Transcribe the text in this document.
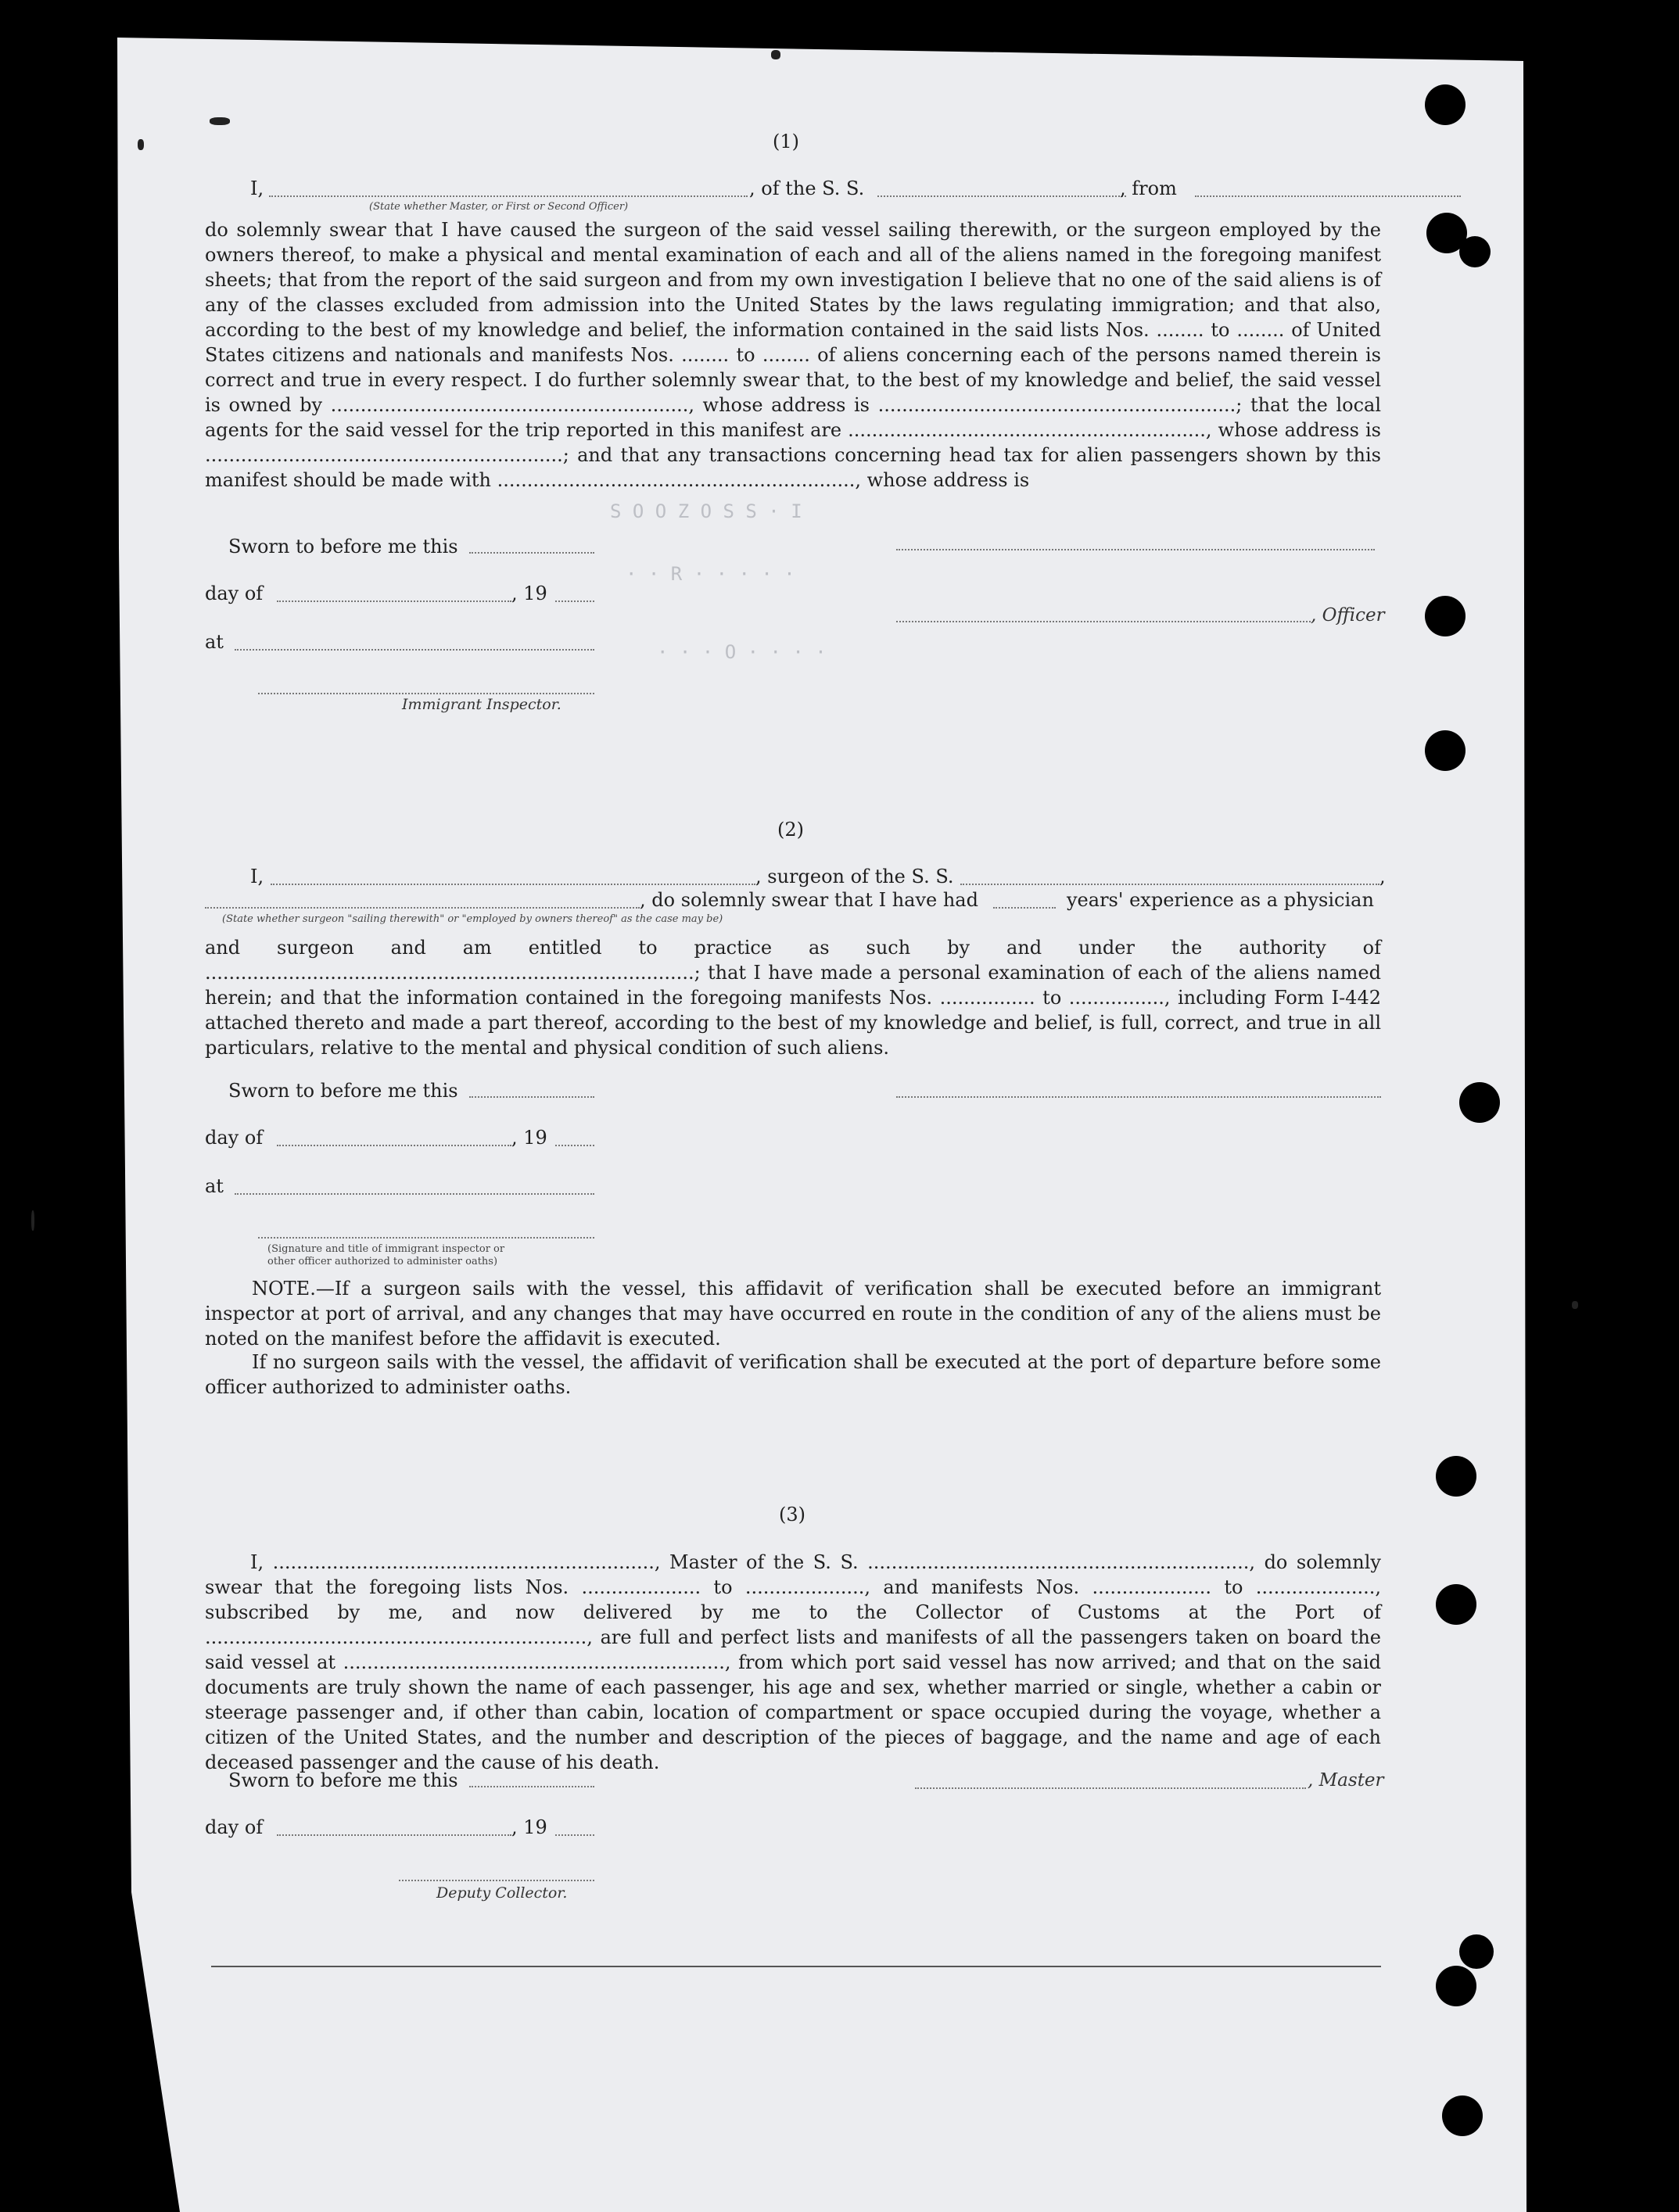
S O O Z O S S · I
· · R · · · · ·
· · · O · · · ·
(1)
I,	, of the S. S.	, from
(State whether Master, or First or Second Officer)
do solemnly swear that I have caused the surgeon of the said vessel sailing therewith, or the surgeon employed by the owners thereof, to make a physical and mental examination of each and all of the aliens named in the foregoing manifest sheets; that from the report of the said surgeon and from my own investigation I believe that no one of the said aliens is of any of the classes excluded from admission into the United States by the laws regulating immigration; and that also, according to the best of my knowledge and belief, the information contained in the said lists Nos. ........ to ........ of United States citizens and nationals and manifests Nos. ........ to ........ of aliens concerning each of the persons named therein is correct and true in every respect. I do further solemnly swear that, to the best of my knowledge and belief, the said vessel is owned by ............................................................, whose address is ............................................................; that the local agents for the said vessel for the trip reported in this manifest are ............................................................, whose address is ............................................................; and that any transactions concerning head tax for alien passengers shown by this manifest should be made with ............................................................, whose address is
Sworn to before me this
day of	, 19
, Officer
at
Immigrant Inspector.
(2)
I,	, surgeon of the S. S.	,
, do solemnly swear that I have had	years' experience as a physician
(State whether surgeon "sailing therewith" or "employed by owners thereof" as the case may be)
and surgeon and am entitled to practice as such by and under the authority of ..................................................................................; that I have made a personal examination of each of the aliens named herein; and that the information contained in the foregoing manifests Nos. ................ to ................, including Form I-442 attached thereto and made a part thereof, according to the best of my knowledge and belief, is full, correct, and true in all particulars, relative to the mental and physical condition of such aliens.
Sworn to before me this
day of	, 19
at
(Signature and title of immigrant inspector or
other officer authorized to administer oaths)
NOTE.—If a surgeon sails with the vessel, this affidavit of verification shall be executed before an immigrant inspector at port of arrival, and any changes that may have occurred en route in the condition of any of the aliens must be noted on the manifest before the affidavit is executed.
If no surgeon sails with the vessel, the affidavit of verification shall be executed at the port of departure before some officer authorized to administer oaths.
(3)
I, ................................................................, Master of the S. S. ................................................................, do solemnly swear that the foregoing lists Nos. .................... to ...................., and manifests Nos. .................... to ...................., subscribed by me, and now delivered by me to the Collector of Customs at the Port of ................................................................, are full and perfect lists and manifests of all the passengers taken on board the said vessel at ................................................................, from which port said vessel has now arrived; and that on the said documents are truly shown the name of each passenger, his age and sex, whether married or single, whether a cabin or steerage passenger and, if other than cabin, location of compartment or space occupied during the voyage, whether a citizen of the United States, and the number and description of the pieces of baggage, and the name and age of each deceased passenger and the cause of his death.
Sworn to before me this	, Master
day of	, 19
Deputy Collector.
